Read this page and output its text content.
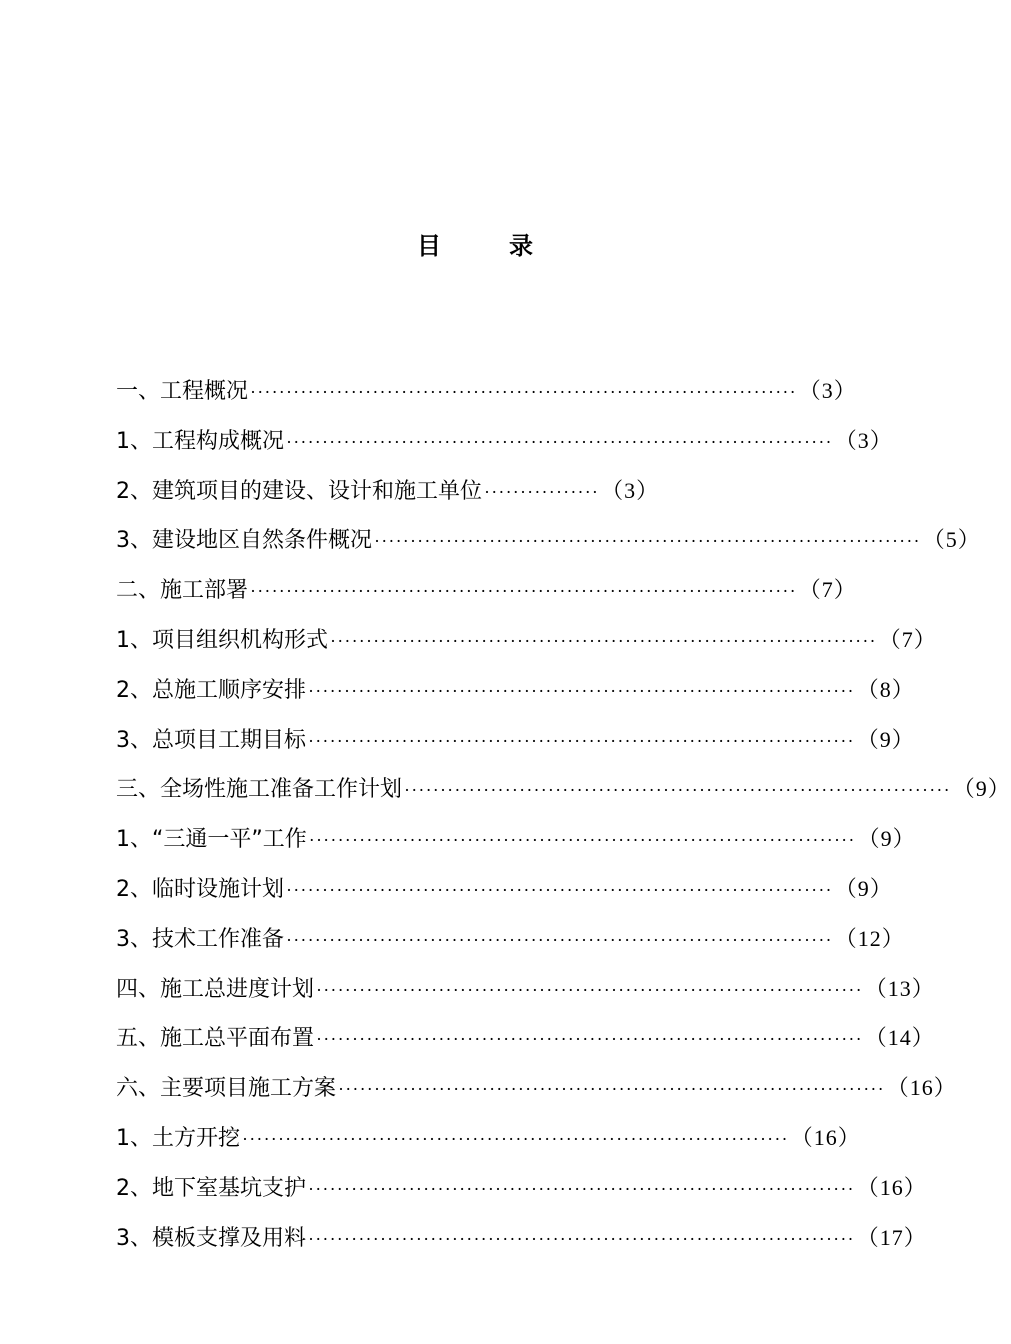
目录
一、工程概况 ············································································ （3）
1、工程构成概况 ············································································ （3）
2、建筑项目的建设、设计和施工单位 ················ （3）
3、建设地区自然条件概况 ············································································ （5）
二、施工部署 ············································································ （7）
1、项目组织机构形式 ············································································ （7）
2、总施工顺序安排 ············································································ （8）
3、总项目工期目标 ············································································ （9）
三、全场性施工准备工作计划 ············································································ （9）
1、“三通一平”工作 ············································································ （9）
2、临时设施计划 ············································································ （9）
3、技术工作准备 ············································································ （12）
四、施工总进度计划 ············································································ （13）
五、施工总平面布置 ············································································ （14）
六、主要项目施工方案 ············································································ （16）
1、土方开挖 ············································································ （16）
2、地下室基坑支护 ············································································ （16）
3、模板支撑及用料 ············································································ （17）
